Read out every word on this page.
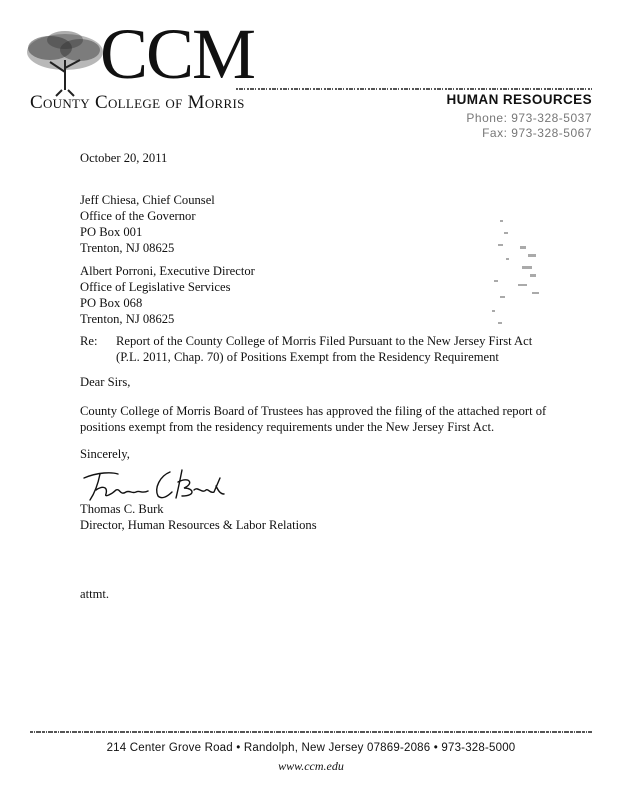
CCM
County College of Morris	HUMAN RESOURCES
Phone: 973-328-5037
Fax: 973-328-5067
October 20, 2011
Jeff Chiesa, Chief Counsel
Office of the Governor
PO Box 001
Trenton, NJ 08625
Albert Porroni, Executive Director
Office of Legislative Services
PO Box 068
Trenton, NJ 08625
Re: Report of the County College of Morris Filed Pursuant to the New Jersey First Act (P.L. 2011, Chap. 70) of Positions Exempt from the Residency Requirement
Dear Sirs,
County College of Morris Board of Trustees has approved the filing of the attached report of positions exempt from the residency requirements under the New Jersey First Act.
Sincerely,
Thomas C. Burk
Director, Human Resources & Labor Relations
attmt.
214 Center Grove Road • Randolph, New Jersey 07869-2086 • 973-328-5000
www.ccm.edu
